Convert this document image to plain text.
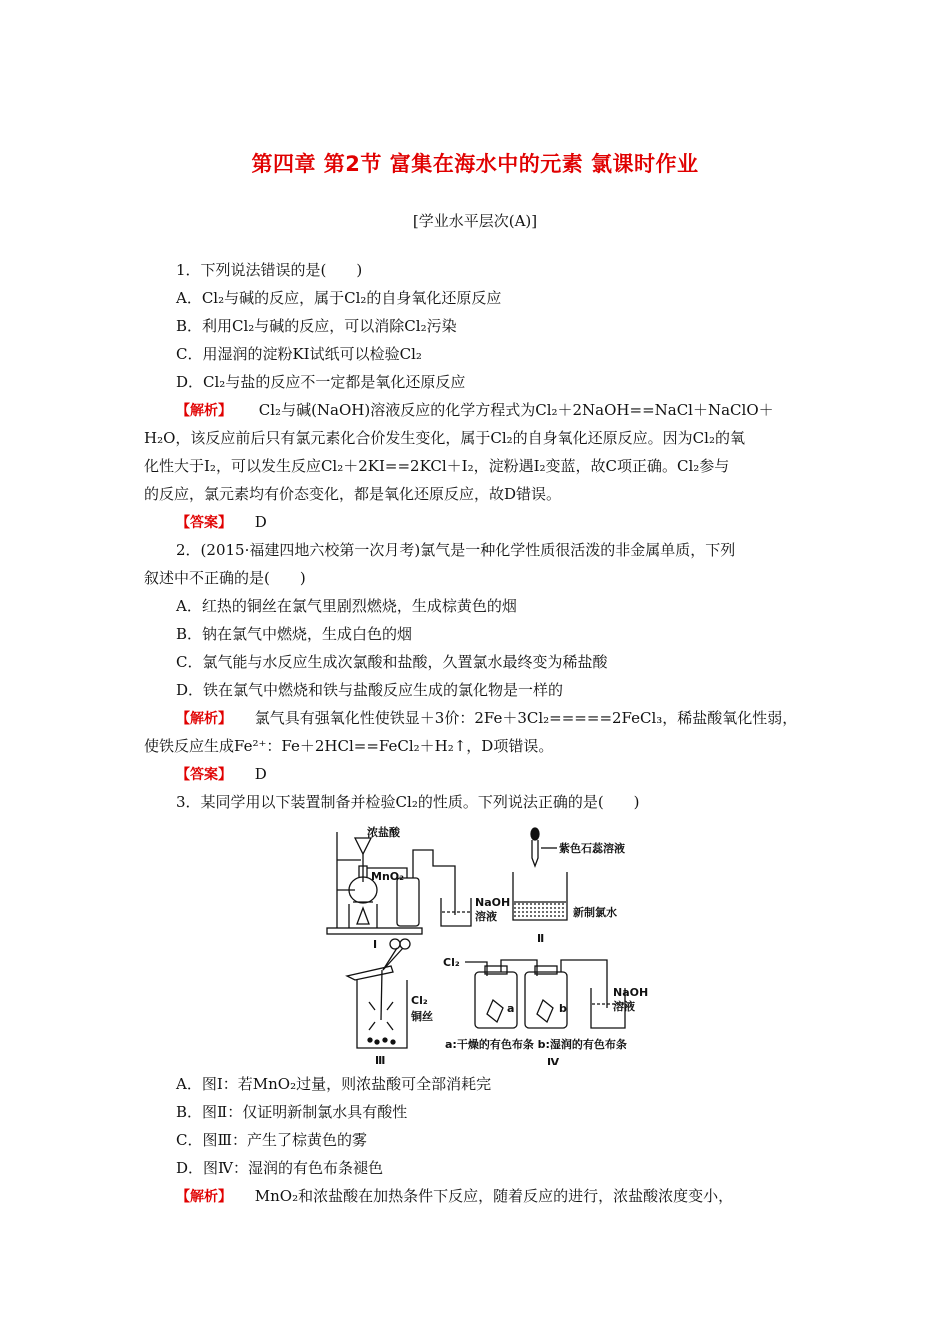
第四章 第2节 富集在海水中的元素 氯课时作业
[学业水平层次(A)]
1．下列说法错误的是(　　)
A．Cl₂与碱的反应，属于Cl₂的自身氧化还原反应
B．利用Cl₂与碱的反应，可以消除Cl₂污染
C．用湿润的淀粉KI试纸可以检验Cl₂
D．Cl₂与盐的反应不一定都是氧化还原反应
【解析】 Cl₂与碱(NaOH)溶液反应的化学方程式为Cl₂＋2NaOH==NaCl＋NaClO＋
H₂O，该反应前后只有氯元素化合价发生变化，属于Cl₂的自身氧化还原反应。因为Cl₂的氧
化性大于I₂，可以发生反应Cl₂＋2KI==2KCl＋I₂，淀粉遇I₂变蓝，故C项正确。Cl₂参与
的反应，氯元素均有价态变化，都是氧化还原反应，故D错误。
【答案】 D
2．(2015·福建四地六校第一次月考)氯气是一种化学性质很活泼的非金属单质，下列
叙述中不正确的是(　　)
A．红热的铜丝在氯气里剧烈燃烧，生成棕黄色的烟
B．钠在氯气中燃烧，生成白色的烟
C．氯气能与水反应生成次氯酸和盐酸，久置氯水最终变为稀盐酸
D．铁在氯气中燃烧和铁与盐酸反应生成的氯化物是一样的
【解析】 氯气具有强氧化性使铁显＋3价：2Fe＋3Cl₂=====2FeCl₃，稀盐酸氧化性弱，
使铁反应生成Fe²⁺：Fe＋2HCl==FeCl₂＋H₂↑，D项错误。
【答案】 D
3．某同学用以下装置制备并检验Cl₂的性质。下列说法正确的是(　　)
浓盐酸
MnO₂
NaOH
溶液
Ⅰ
紫色石蕊溶液
新制氯水
Ⅱ
Cl₂
铜丝
Ⅲ
Cl₂
a	b
NaOH
溶液
a:干燥的有色布条 b:湿润的有色布条
Ⅳ
A．图Ⅰ：若MnO₂过量，则浓盐酸可全部消耗完
B．图Ⅱ：仅证明新制氯水具有酸性
C．图Ⅲ：产生了棕黄色的雾
D．图Ⅳ：湿润的有色布条褪色
【解析】 MnO₂和浓盐酸在加热条件下反应，随着反应的进行，浓盐酸浓度变小，
